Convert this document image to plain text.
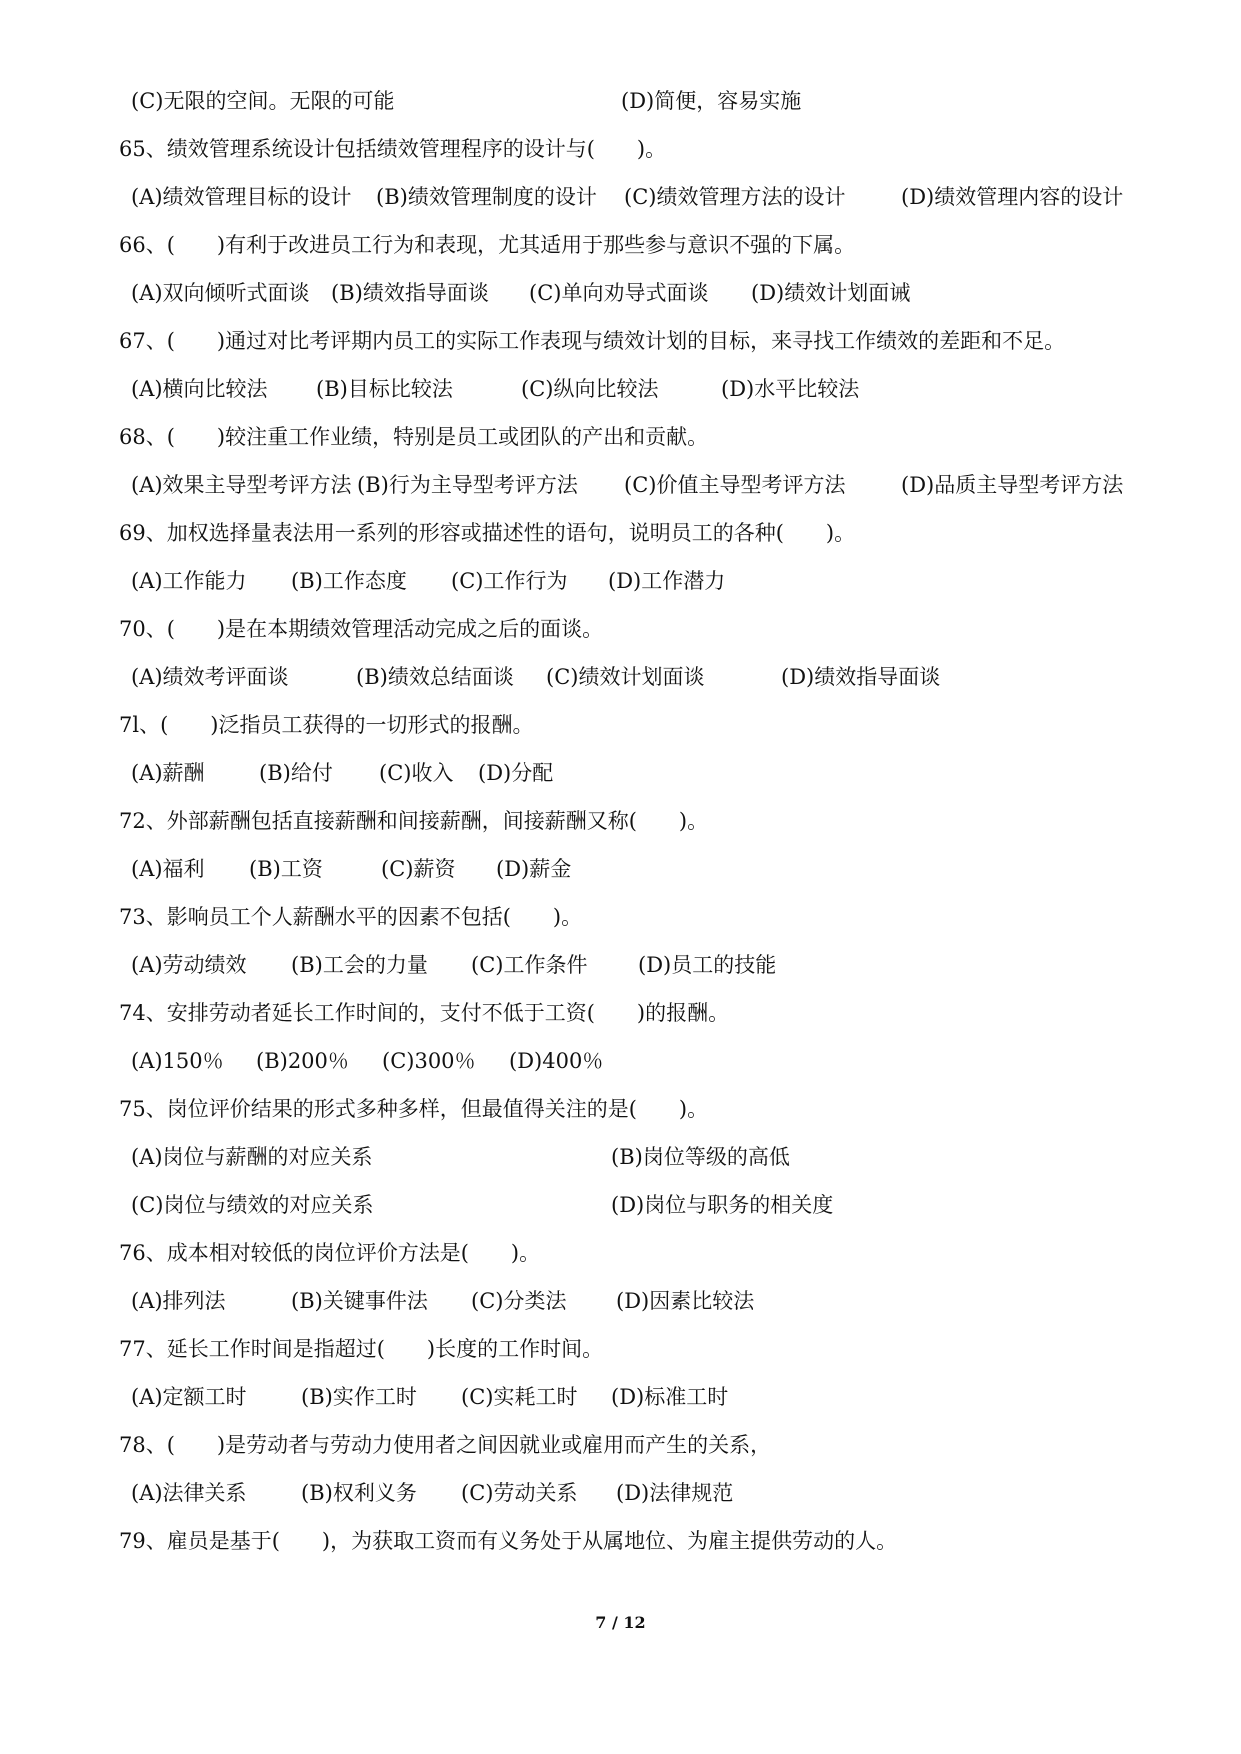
(C)无限的空间。无限的可能	(D)简便，容易实施
65、绩效管理系统设计包括绩效管理程序的设计与(　　)。
(A)绩效管理目标的设计 (B)绩效管理制度的设计 (C)绩效管理方法的设计	(D)绩效管理内容的设计
66、(　　)有利于改进员工行为和表现，尤其适用于那些参与意识不强的下属。
(A)双向倾听式面谈 (B)绩效指导面谈 (C)单向劝导式面谈 (D)绩效计划面诫
67、(　　)通过对比考评期内员工的实际工作表现与绩效计划的目标，来寻找工作绩效的差距和不足。
(A)横向比较法 (B)目标比较法	(C)纵向比较法	(D)水平比较法
68、(　　)较注重工作业绩，特别是员工或团队的产出和贡献。
(A)效果主导型考评方法 (B)行为主导型考评方法 (C)价值主导型考评方法	(D)品质主导型考评方法
69、加权选择量表法用一系列的形容或描述性的语句，说明员工的各种(　　)。
(A)工作能力 (B)工作态度 (C)工作行为 (D)工作潜力
70、(　　)是在本期绩效管理活动完成之后的面谈。
(A)绩效考评面谈	(B)绩效总结面谈 (C)绩效计划面谈	(D)绩效指导面谈
7l、(　　)泛指员工获得的一切形式的报酬。
(A)薪酬	(B)给付 (C)收入 (D)分配
72、外部薪酬包括直接薪酬和间接薪酬，间接薪酬又称(　　)。
(A)福利 (B)工资	(C)薪资 (D)薪金
73、影响员工个人薪酬水平的因素不包括(　　)。
(A)劳动绩效 (B)工会的力量 (C)工作条件 (D)员工的技能
74、安排劳动者延长工作时间的，支付不低于工资(　　)的报酬。
(A)150％ (B)200％ (C)300％ (D)400％
75、岗位评价结果的形式多种多样，但最值得关注的是(　　)。
(A)岗位与薪酬的对应关系	(B)岗位等级的高低
(C)岗位与绩效的对应关系	(D)岗位与职务的相关度
76、成本相对较低的岗位评价方法是(　　)。
(A)排列法	(B)关键事件法 (C)分类法 (D)因素比较法
77、延长工作时间是指超过(　　)长度的工作时间。
(A)定额工时	(B)实作工时 (C)实耗工时 (D)标准工时
78、(　　)是劳动者与劳动力使用者之间因就业或雇用而产生的关系，
(A)法律关系	(B)权利义务 (C)劳动关系 (D)法律规范
79、雇员是基于(　　)，为获取工资而有义务处于从属地位、为雇主提供劳动的人。
7 / 12
